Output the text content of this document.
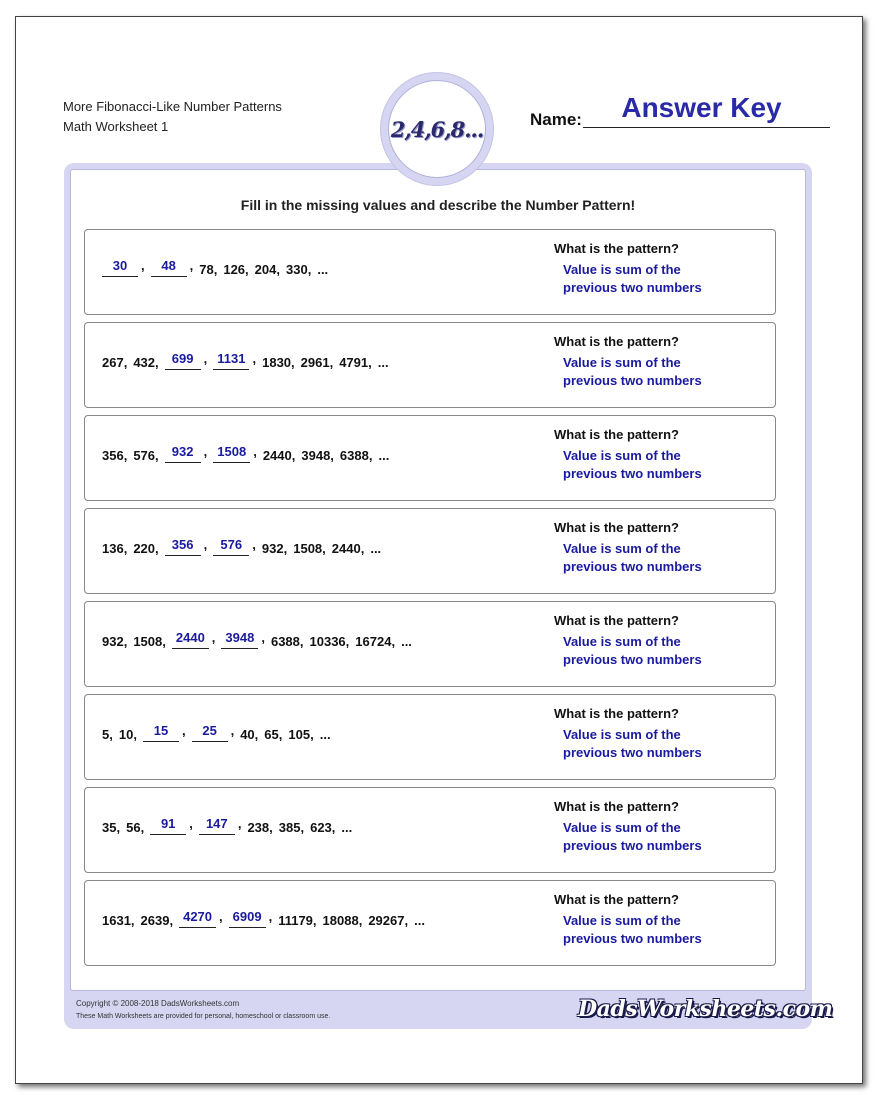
More Fibonacci-Like Number Patterns
Math Worksheet 1	2,4,6,8...	Name:	Answer Key
Fill in the missing values and describe the Number Pattern!
30 ,	48 , 78, 126, 204, 330, ...
What is the pattern?
Value is sum of the
previous two numbers
267, 432,	699 , 1131 , 1830, 2961, 4791, ...
What is the pattern?
Value is sum of the
previous two numbers
356, 576,	932 , 1508 , 2440, 3948, 6388, ...
What is the pattern?
Value is sum of the
previous two numbers
136, 220,	356 ,	576 , 932, 1508, 2440, ...
What is the pattern?
Value is sum of the
previous two numbers
932, 1508, 2440 , 3948 , 6388, 10336, 16724, ...
What is the pattern?
Value is sum of the
previous two numbers
5, 10,	15 ,	25 , 40, 65, 105, ...
What is the pattern?
Value is sum of the
previous two numbers
35, 56,	91 ,	147 , 238, 385, 623, ...
What is the pattern?
Value is sum of the
previous two numbers
1631, 2639, 4270 , 6909 , 11179, 18088, 29267, ...
What is the pattern?
Value is sum of the
previous two numbers
Copyright © 2008-2018 DadsWorksheets.com
These Math Worksheets are provided for personal, homeschool or classroom use.	DadsWorksheets.com
